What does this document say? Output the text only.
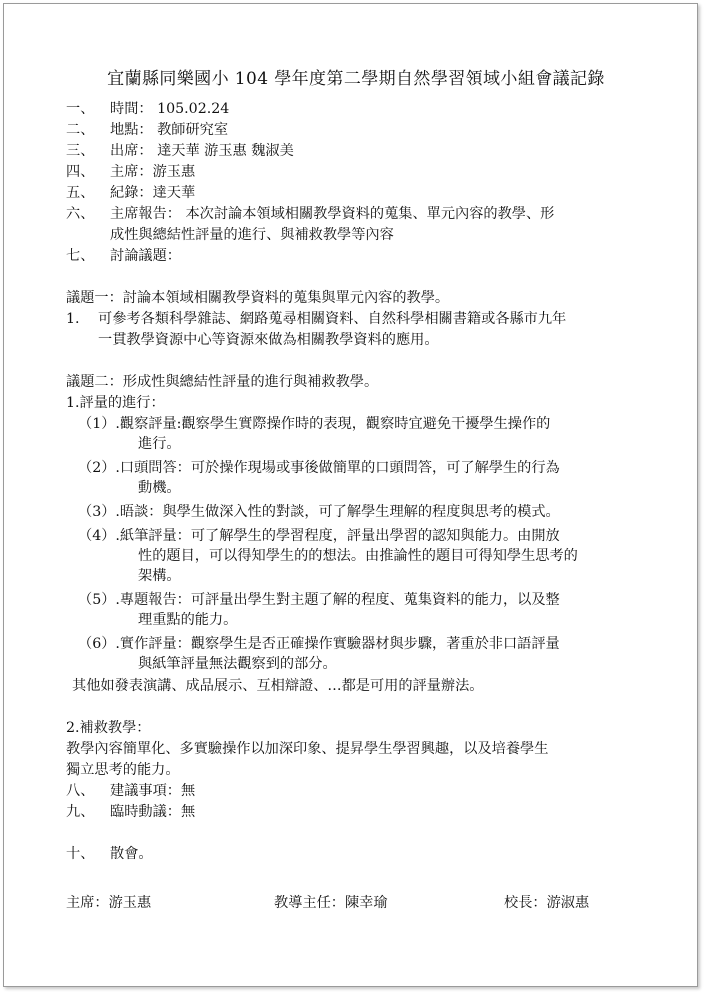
宜蘭縣同樂國小 104 學年度第二學期自然學習領域小組會議記錄
一、 時間： 105.02.24
二、 地點： 教師研究室
三、 出席： 達天華 游玉惠 魏淑美
四、 主席：游玉惠
五、 紀錄：達天華
六、 主席報告： 本次討論本領域相關教學資料的蒐集、單元內容的教學、形
成性與總結性評量的進行、與補救教學等內容
七、 討論議題：
議題一：討論本領域相關教學資料的蒐集與單元內容的教學。
1. 可參考各類科學雜誌、網路蒐尋相關資料、自然科學相關書籍或各縣市九年
一貫教學資源中心等資源來做為相關教學資料的應用。
議題二：形成性與總結性評量的進行與補救教學。
1.評量的進行：
（1）.觀察評量:觀察學生實際操作時的表現，觀察時宜避免干擾學生操作的
進行。
（2）.口頭問答：可於操作現場或事後做簡單的口頭問答，可了解學生的行為
動機。
（3）.晤談：與學生做深入性的對談，可了解學生理解的程度與思考的模式。
（4）.紙筆評量：可了解學生的學習程度，評量出學習的認知與能力。由開放
性的題目，可以得知學生的的想法。由推論性的題目可得知學生思考的
架構。
（5）.專題報告：可評量出學生對主題了解的程度、蒐集資料的能力，以及整
理重點的能力。
（6）.實作評量：觀察學生是否正確操作實驗器材與步驟，著重於非口語評量
與紙筆評量無法觀察到的部分。
其他如發表演講、成品展示、互相辯證、…都是可用的評量辦法。
2.補救教學：
教學內容簡單化、多實驗操作以加深印象、提昇學生學習興趣，以及培養學生
獨立思考的能力。
八、 建議事項：無
九、 臨時動議：無
十、 散會。
主席：游玉惠	教導主任：陳幸瑜	校長：游淑惠
